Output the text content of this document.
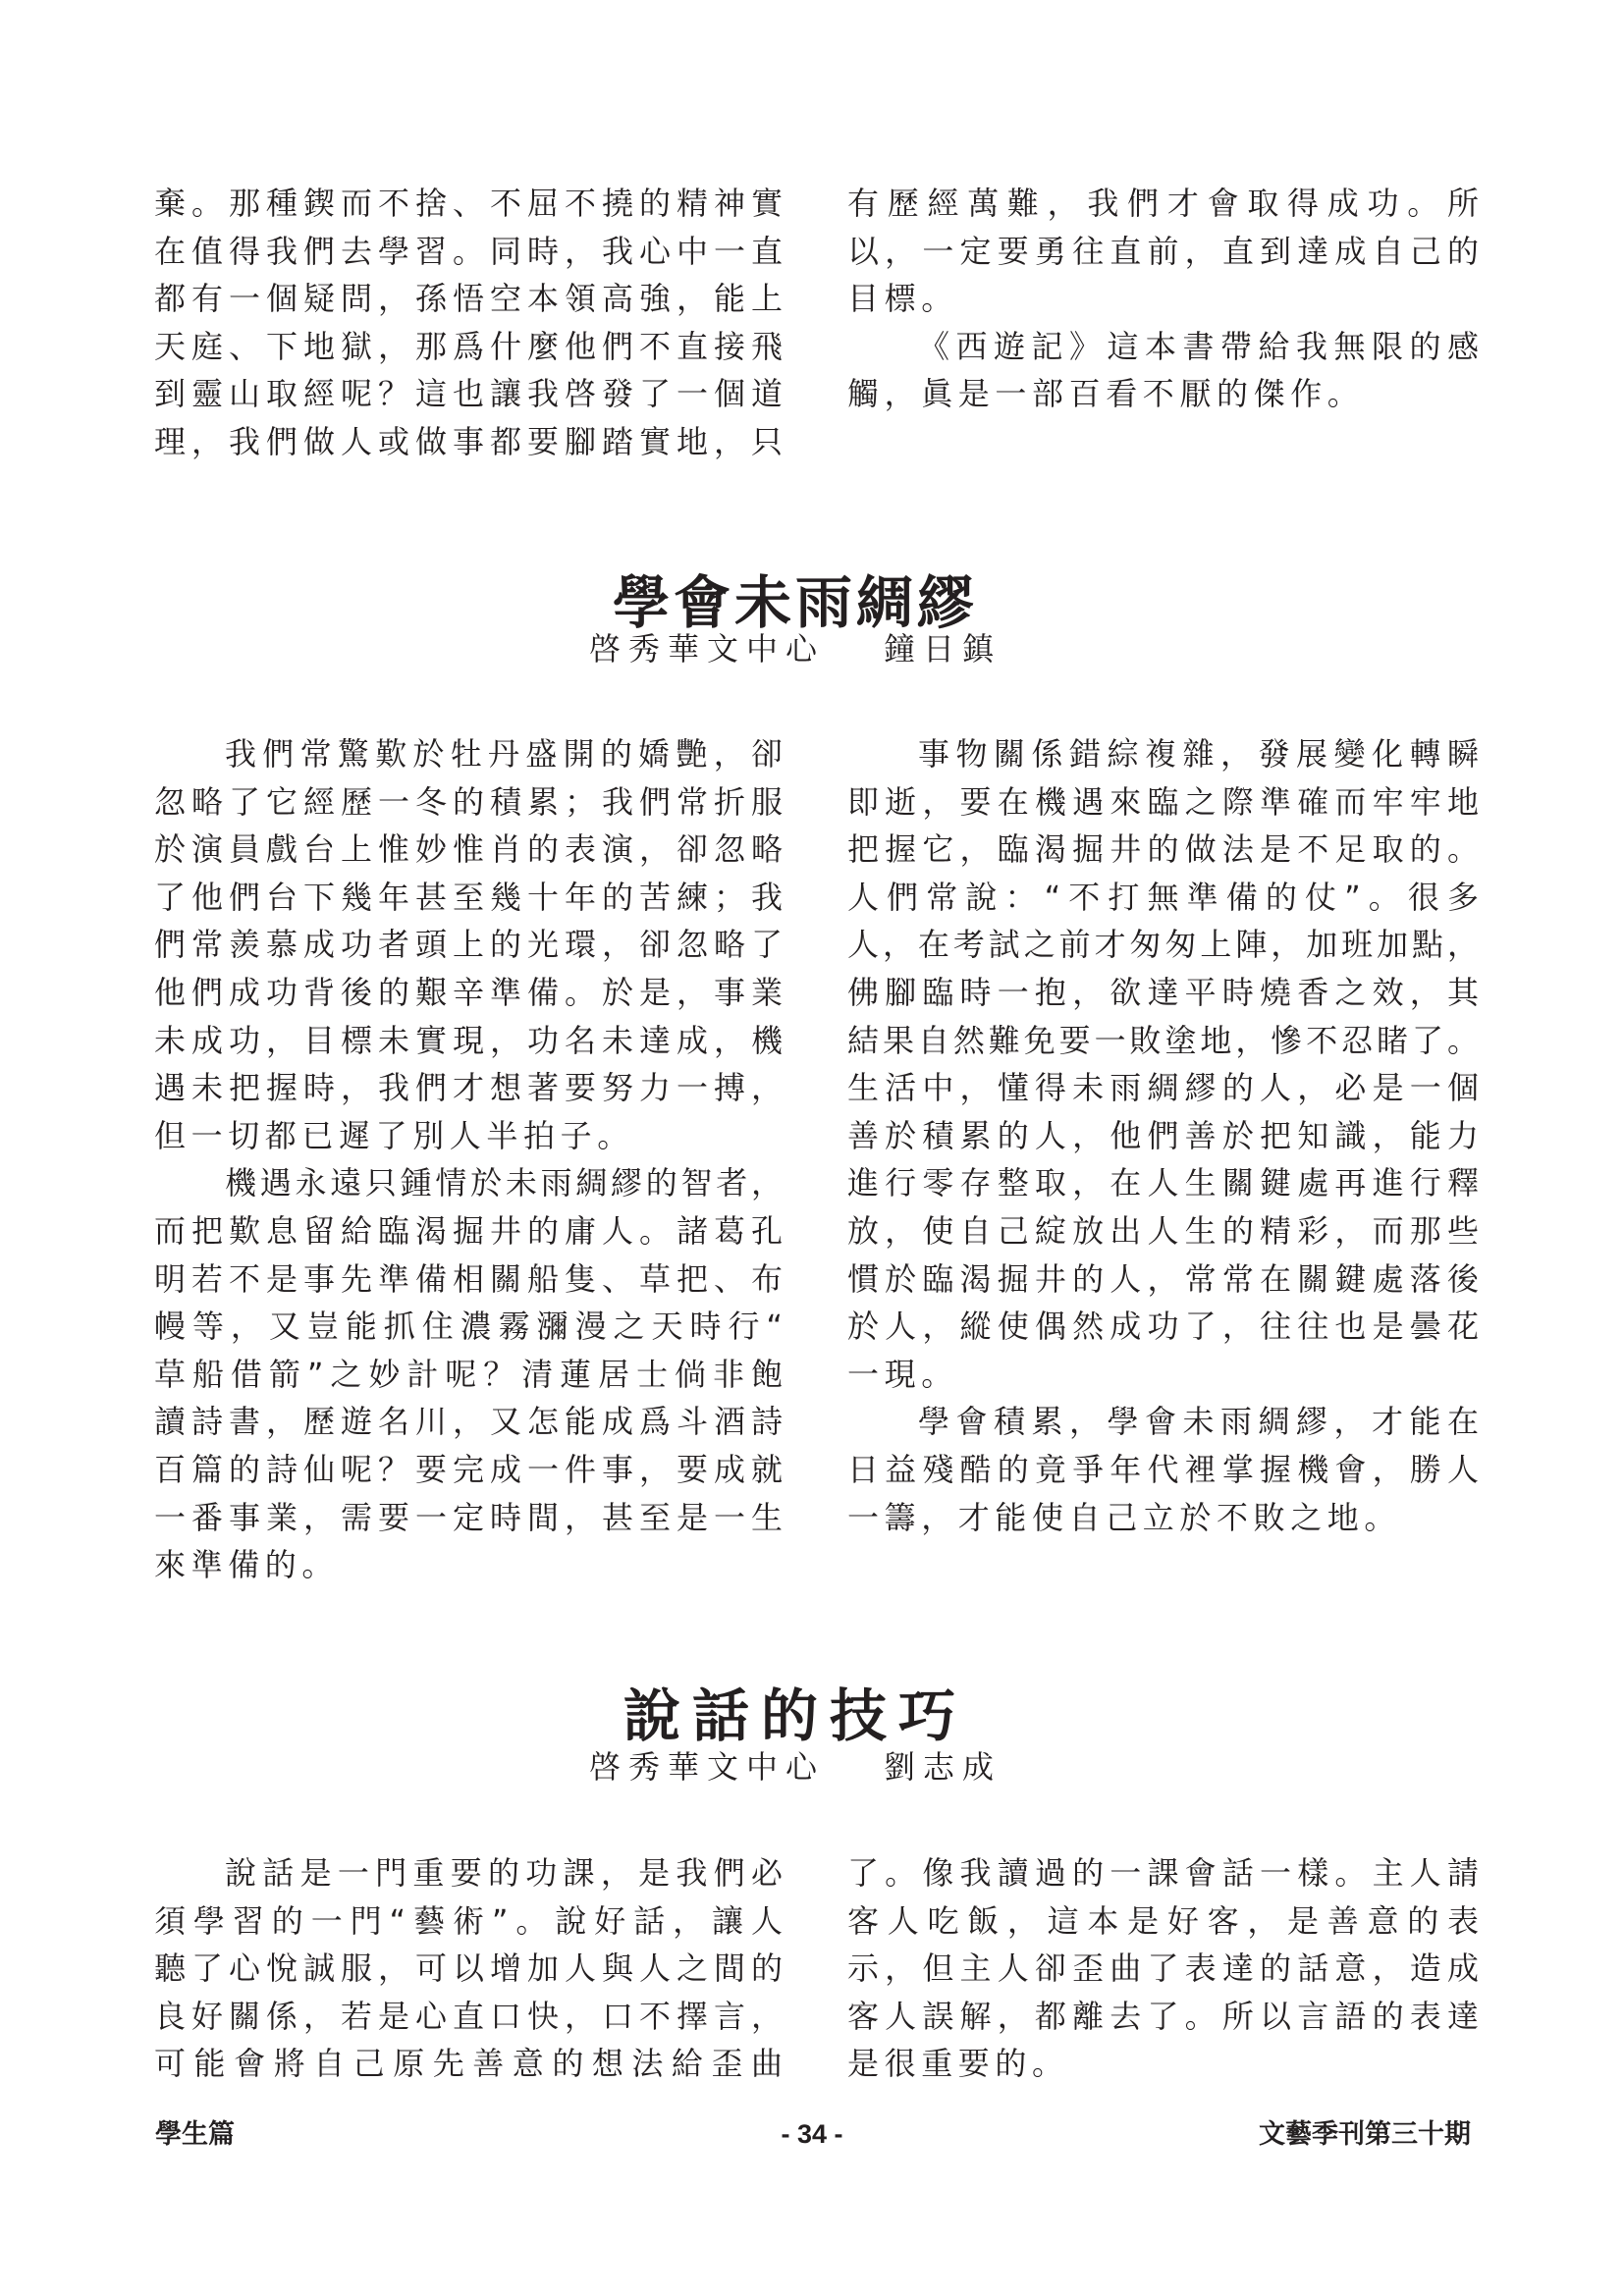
棄。那種鍥而不捨、不屈不撓的精神實
在值得我們去學習。同時，我心中一直
都有一個疑問，孫悟空本領高強，能上
天庭、下地獄，那爲什麼他們不直接飛
到靈山取經呢？這也讓我啓發了一個道
理，我們做人或做事都要腳踏實地，只
有歷經萬難，我們才會取得成功。所
以，一定要勇往直前，直到達成自己的
目標。
《西遊記》這本書帶給我無限的感
觸，眞是一部百看不厭的傑作。
學會未雨綢繆
啓秀華文中心 鐘日鎮
我們常驚歎於牡丹盛開的嬌艷，卻
忽略了它經歷一冬的積累；我們常折服
於演員戲台上惟妙惟肖的表演，卻忽略
了他們台下幾年甚至幾十年的苦練；我
們常羨慕成功者頭上的光環，卻忽略了
他們成功背後的艱辛準備。於是，事業
未成功，目標未實現，功名未達成，機
遇未把握時，我們才想著要努力一搏，
但一切都已遲了別人半拍子。
機遇永遠只鍾情於未雨綢繆的智者，
而把歎息留給臨渴掘井的庸人。諸葛孔
明若不是事先準備相關船隻、草把、布
幔等，又豈能抓住濃霧瀰漫之天時行“
草船借箭”之妙計呢？清蓮居士倘非飽
讀詩書，歷遊名川，又怎能成爲斗酒詩
百篇的詩仙呢？要完成一件事，要成就
一番事業，需要一定時間，甚至是一生
來準備的。
事物關係錯綜複雜，發展變化轉瞬
即逝，要在機遇來臨之際準確而牢牢地
把握它，臨渴掘井的做法是不足取的。
人們常說：“不打無準備的仗”。很多
人，在考試之前才匆匆上陣，加班加點，
佛腳臨時一抱，欲達平時燒香之效，其
結果自然難免要一敗塗地，慘不忍睹了。
生活中，懂得未雨綢繆的人，必是一個
善於積累的人，他們善於把知識，能力
進行零存整取，在人生關鍵處再進行釋
放，使自己綻放出人生的精彩，而那些
慣於臨渴掘井的人，常常在關鍵處落後
於人，縱使偶然成功了，往往也是曇花
一現。
學會積累，學會未雨綢繆，才能在
日益殘酷的竟爭年代裡掌握機會，勝人
一籌，才能使自己立於不敗之地。
說話的技巧
啓秀華文中心 劉志成
說話是一門重要的功課，是我們必
須學習的一門“藝術”。說好話，讓人
聽了心悅誠服，可以增加人與人之間的
良好關係，若是心直口快，口不擇言，
可能會將自己原先善意的想法給歪曲
了。像我讀過的一課會話一樣。主人請
客人吃飯，這本是好客，是善意的表
示，但主人卻歪曲了表達的話意，造成
客人誤解，都離去了。所以言語的表達
是很重要的。
學生篇	- 34 -	文藝季刊第三十期
